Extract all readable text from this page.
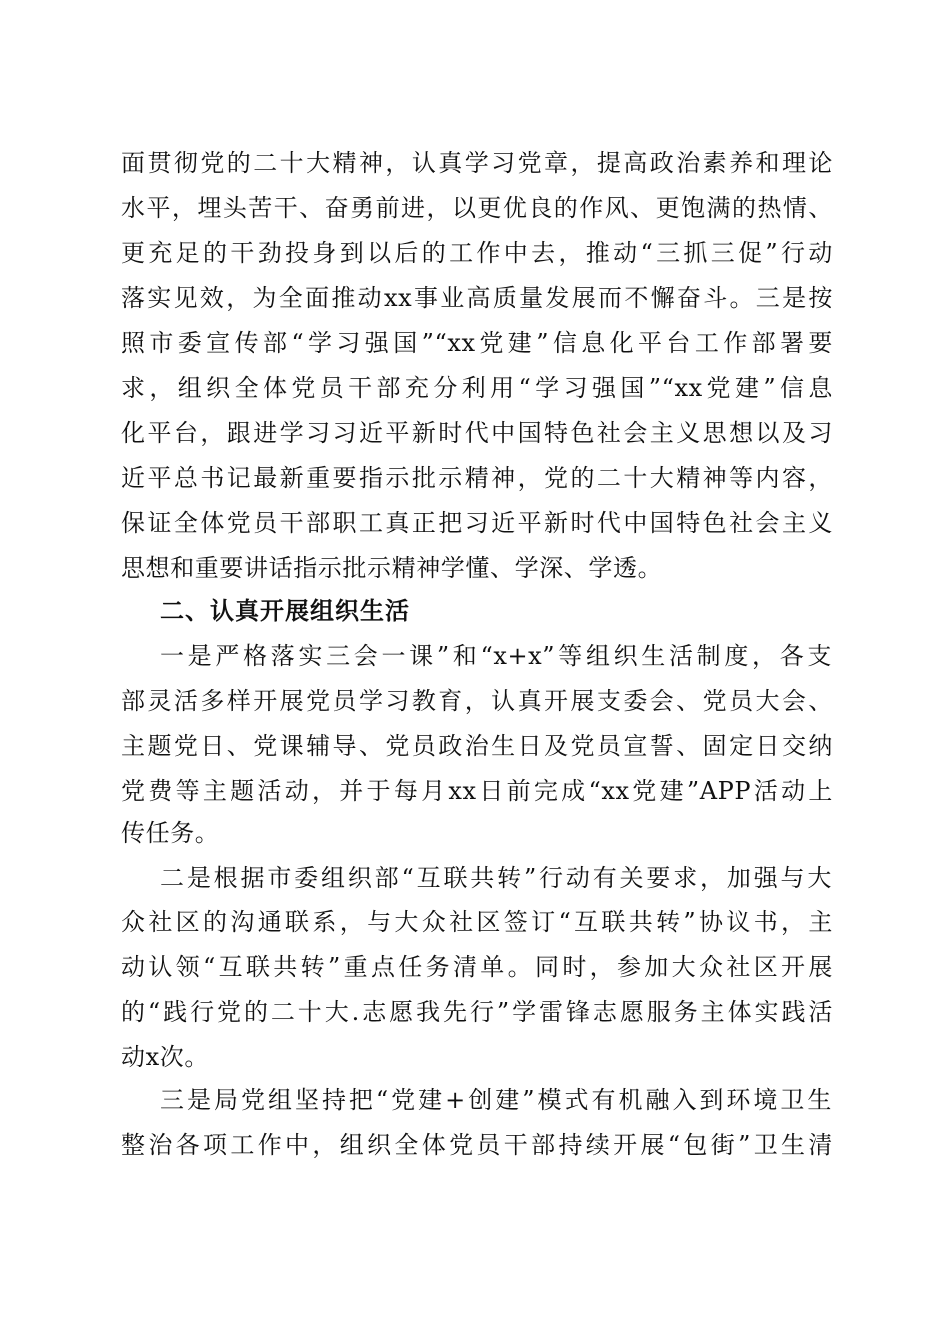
面贯彻党的二十大精神，认真学习党章，提高政治素养和理论
水平，埋头苦干、奋勇前进，以更优良的作风、更饱满的热情、
更充足的干劲投身到以后的工作中去，推动“三抓三促”行动
落实见效，为全面推动xx事业高质量发展而不懈奋斗。三是按
照市委宣传部“学习强国”“xx党建”信息化平台工作部署要
求，组织全体党员干部充分利用“学习强国”“xx党建”信息
化平台，跟进学习习近平新时代中国特色社会主义思想以及习
近平总书记最新重要指示批示精神，党的二十大精神等内容，
保证全体党员干部职工真正把习近平新时代中国特色社会主义
思想和重要讲话指示批示精神学懂、学深、学透。
二、认真开展组织生活
一是严格落实三会一课”和“x+x”等组织生活制度，各支
部灵活多样开展党员学习教育，认真开展支委会、党员大会、
主题党日、党课辅导、党员政治生日及党员宣誓、固定日交纳
党费等主题活动，并于每月xx日前完成“xx党建”APP活动上
传任务。
二是根据市委组织部“互联共转”行动有关要求，加强与大
众社区的沟通联系，与大众社区签订“互联共转”协议书，主
动认领“互联共转”重点任务清单。同时，参加大众社区开展
的“践行党的二十大.志愿我先行”学雷锋志愿服务主体实践活
动x次。
三是局党组坚持把“党建+创建”模式有机融入到环境卫生
整治各项工作中，组织全体党员干部持续开展“包街”卫生清
